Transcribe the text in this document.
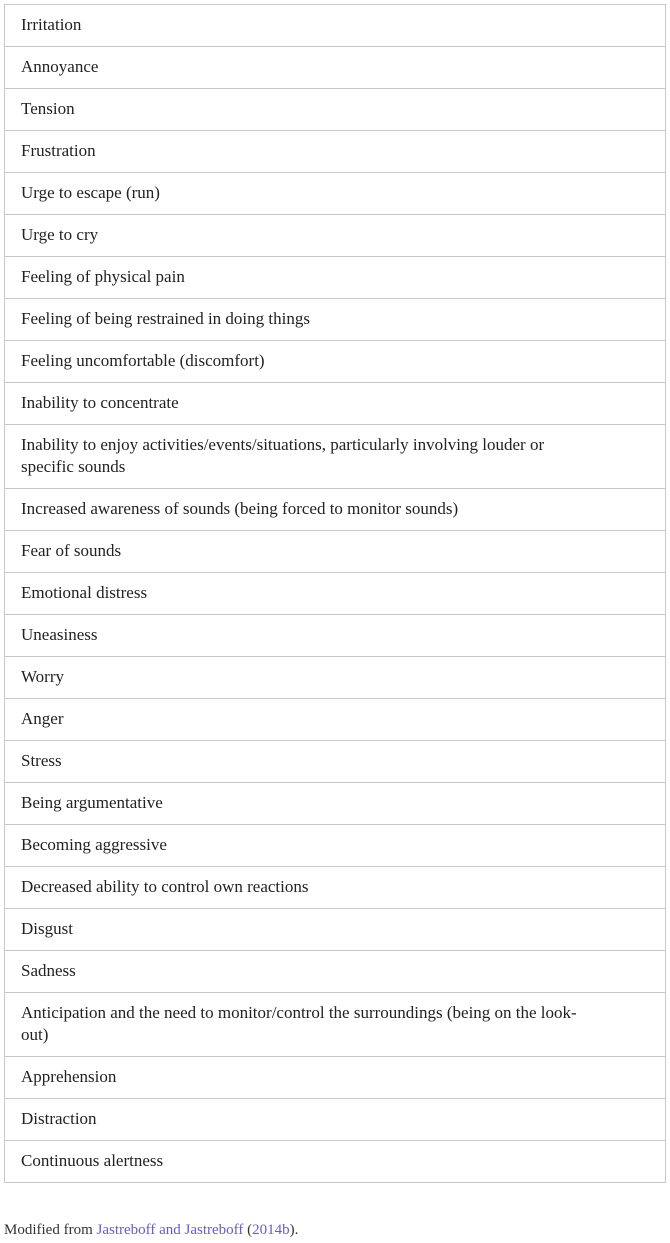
Irritation

Annoyance

Tension

Frustration

Urge to escape (run)

Urge to cry

Feeling of physical pain

Feeling of being restrained in doing things

Feeling uncomfortable (discomfort)

Inability to concentrate

Inability to enjoy activities/events/situations, particularly involving louder or specific sounds

Increased awareness of sounds (being forced to monitor sounds)

Fear of sounds

Emotional distress

Uneasiness

Worry

Anger

Stress

Being argumentative

Becoming aggressive

Decreased ability to control own reactions

Disgust

Sadness

Anticipation and the need to monitor/control the surroundings (being on the look-out)

Apprehension

Distraction

Continuous alertness
Modified from Jastreboff and Jastreboff (2014b).
